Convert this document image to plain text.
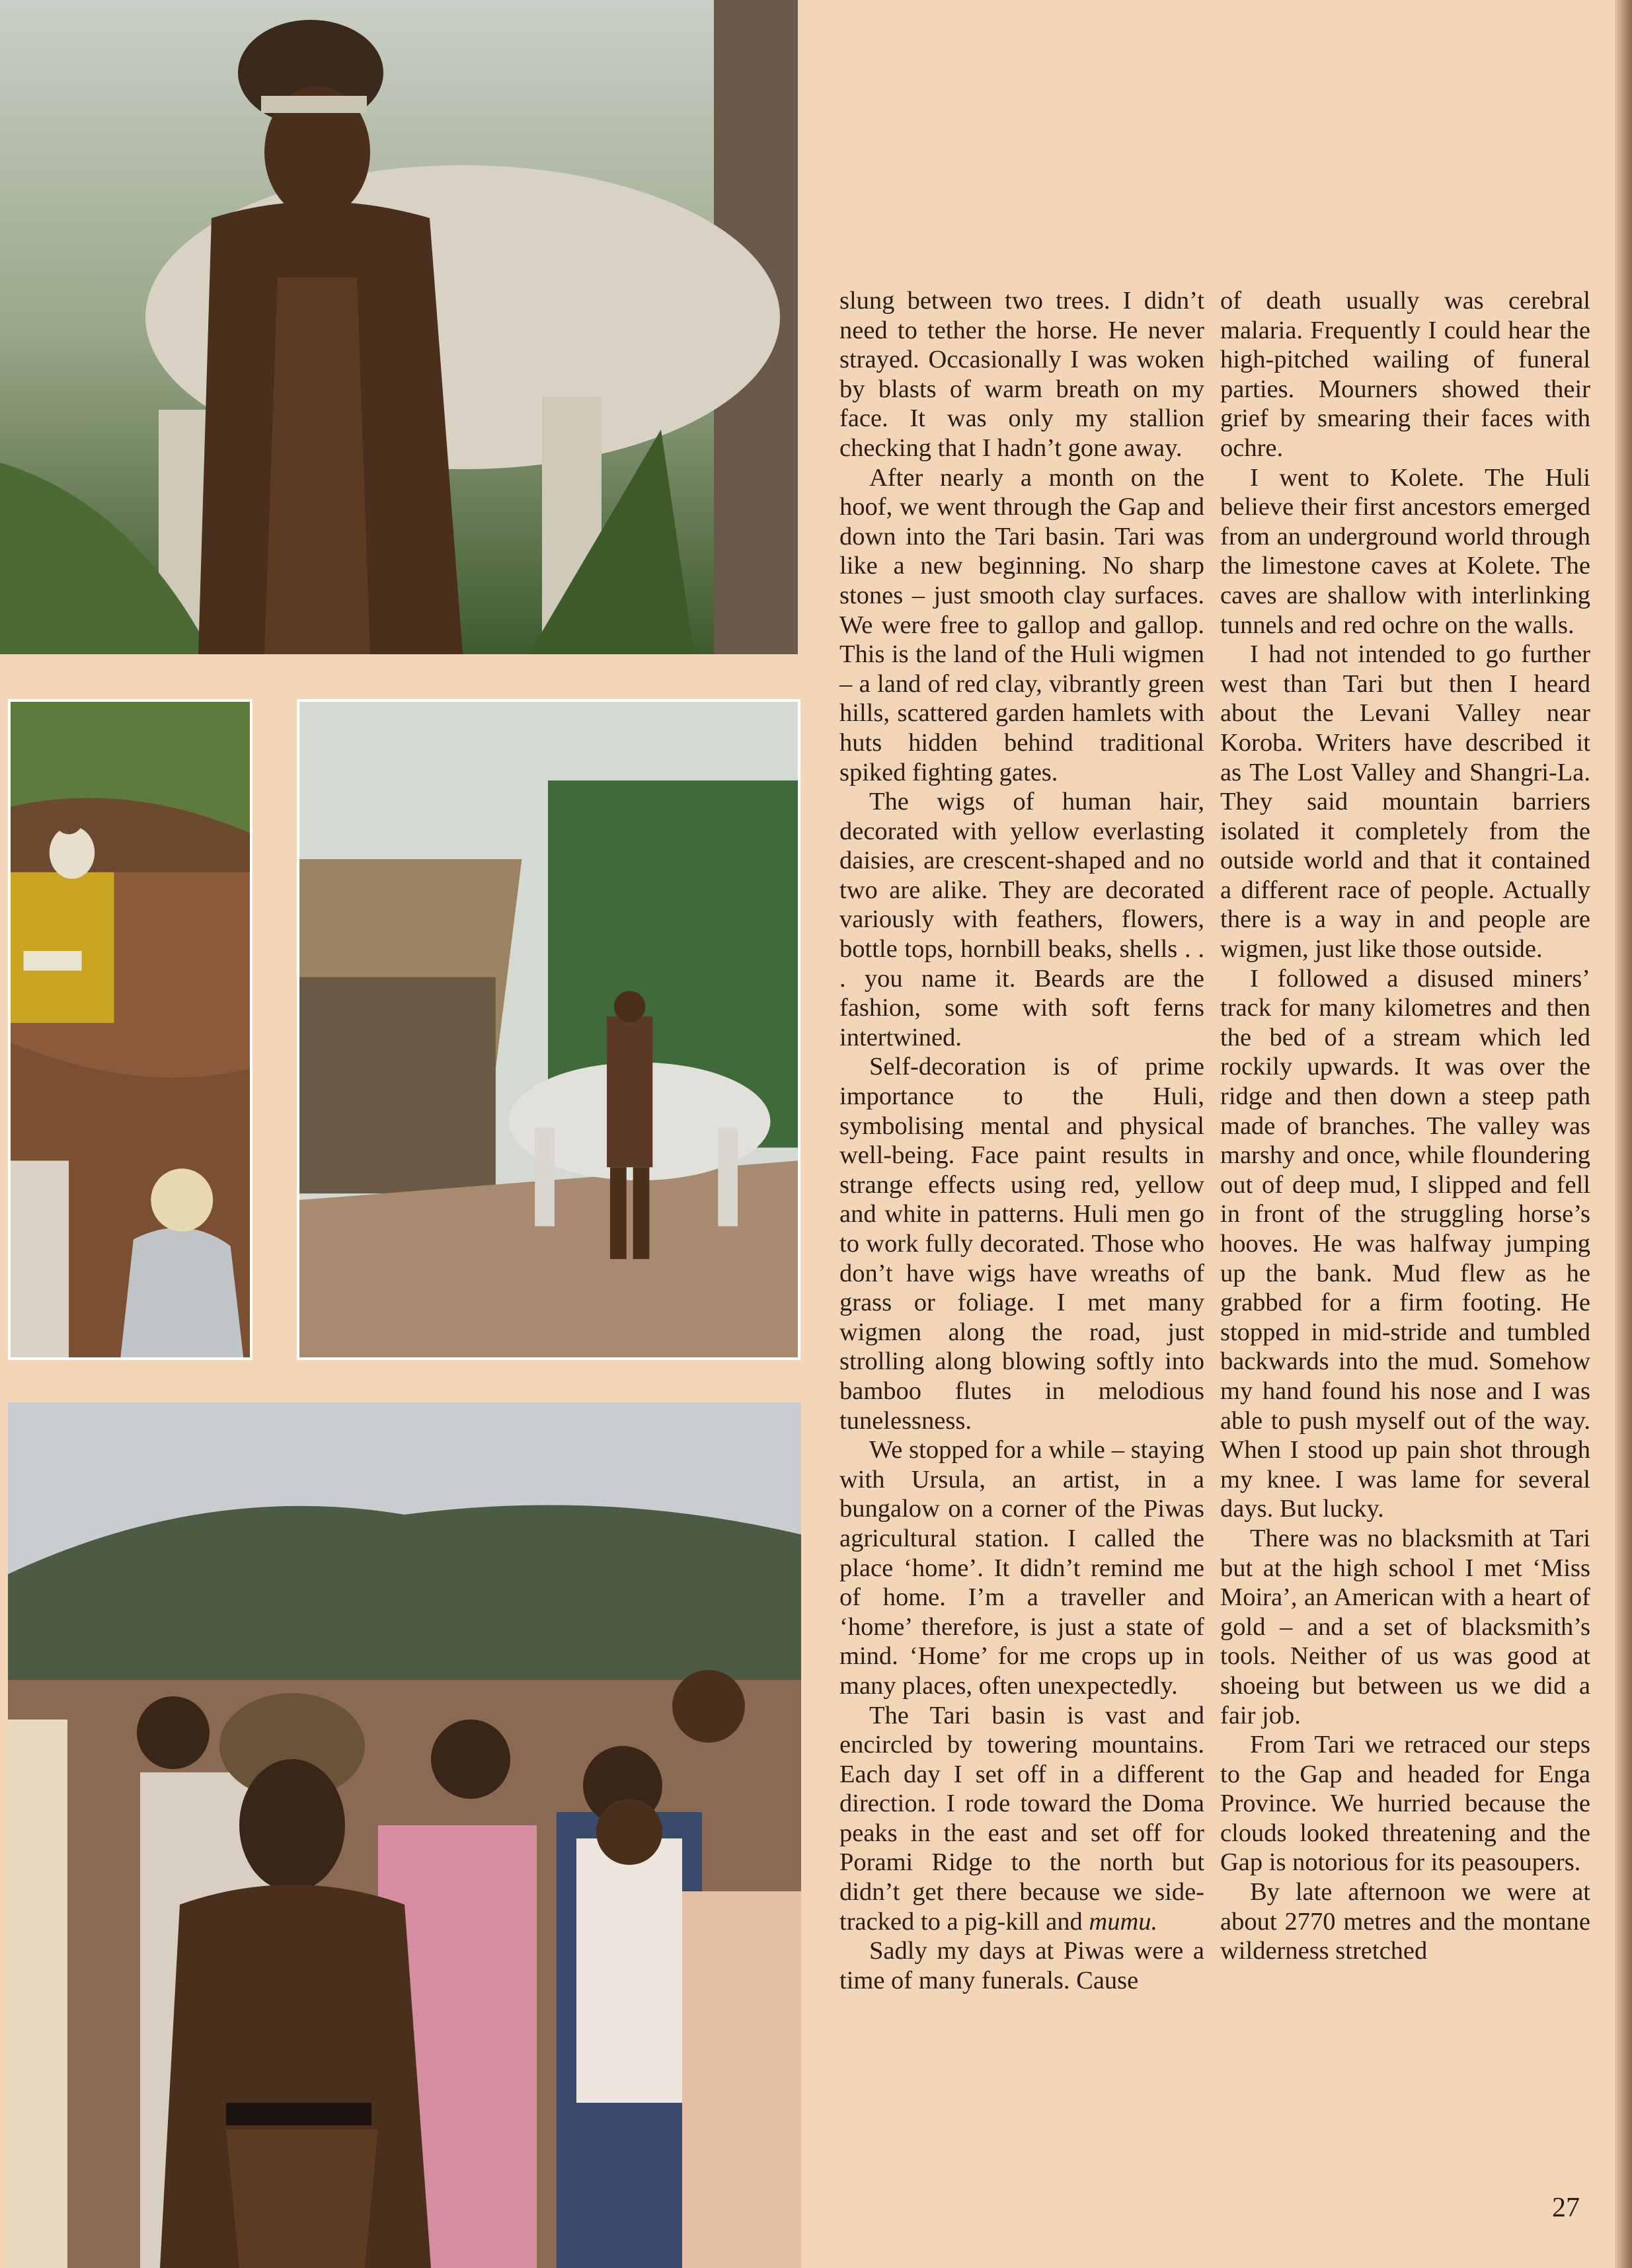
slung between two trees. I didn’t need to tether the horse. He never strayed. Occasionally I was woken by blasts of warm breath on my face. It was only my stallion checking that I hadn’t gone away.

After nearly a month on the hoof, we went through the Gap and down into the Tari basin. Tari was like a new beginning. No sharp stones – just smooth clay surfaces. We were free to gallop and gallop. This is the land of the Huli wigmen – a land of red clay, vibrantly green hills, scattered garden hamlets with huts hidden behind traditional spiked fighting gates.

The wigs of human hair, decorated with yellow everlasting daisies, are crescent-shaped and no two are alike. They are decorated variously with feathers, flowers, bottle tops, hornbill beaks, shells . . . you name it. Beards are the fashion, some with soft ferns intertwined.

Self-decoration is of prime importance to the Huli, symbolising mental and physical well-being. Face paint results in strange effects using red, yellow and white in patterns. Huli men go to work fully decorated. Those who don’t have wigs have wreaths of grass or foliage. I met many wigmen along the road, just strolling along blowing softly into bamboo flutes in melodious tunelessness.

We stopped for a while – staying with Ursula, an artist, in a bungalow on a corner of the Piwas agricultural station. I called the place ‘home’. It didn’t remind me of home. I’m a traveller and ‘home’ therefore, is just a state of mind. ‘Home’ for me crops up in many places, often unexpectedly.

The Tari basin is vast and encircled by towering mountains. Each day I set off in a different direction. I rode toward the Doma peaks in the east and set off for Porami Ridge to the north but didn’t get there because we side-tracked to a pig-kill and mumu.

Sadly my days at Piwas were a time of many funerals. Cause

of death usually was cerebral malaria. Frequently I could hear the high-pitched wailing of funeral parties. Mourners showed their grief by smearing their faces with ochre.

I went to Kolete. The Huli believe their first ancestors emerged from an underground world through the limestone caves at Kolete. The caves are shallow with interlinking tunnels and red ochre on the walls.

I had not intended to go further west than Tari but then I heard about the Levani Valley near Koroba. Writers have described it as The Lost Valley and Shangri-La. They said mountain barriers isolated it completely from the outside world and that it contained a different race of people. Actually there is a way in and people are wigmen, just like those outside.

I followed a disused miners’ track for many kilometres and then the bed of a stream which led rockily upwards. It was over the ridge and then down a steep path made of branches. The valley was marshy and once, while floundering out of deep mud, I slipped and fell in front of the struggling horse’s hooves. He was halfway jumping up the bank. Mud flew as he grabbed for a firm footing. He stopped in mid-stride and tumbled backwards into the mud. Somehow my hand found his nose and I was able to push myself out of the way. When I stood up pain shot through my knee. I was lame for several days. But lucky.

There was no blacksmith at Tari but at the high school I met ‘Miss Moira’, an American with a heart of gold – and a set of blacksmith’s tools. Neither of us was good at shoeing but between us we did a fair job.

From Tari we retraced our steps to the Gap and headed for Enga Province. We hurried because the clouds looked threatening and the Gap is notorious for its peasoupers.

By late afternoon we were at about 2770 metres and the montane wilderness stretched

27
